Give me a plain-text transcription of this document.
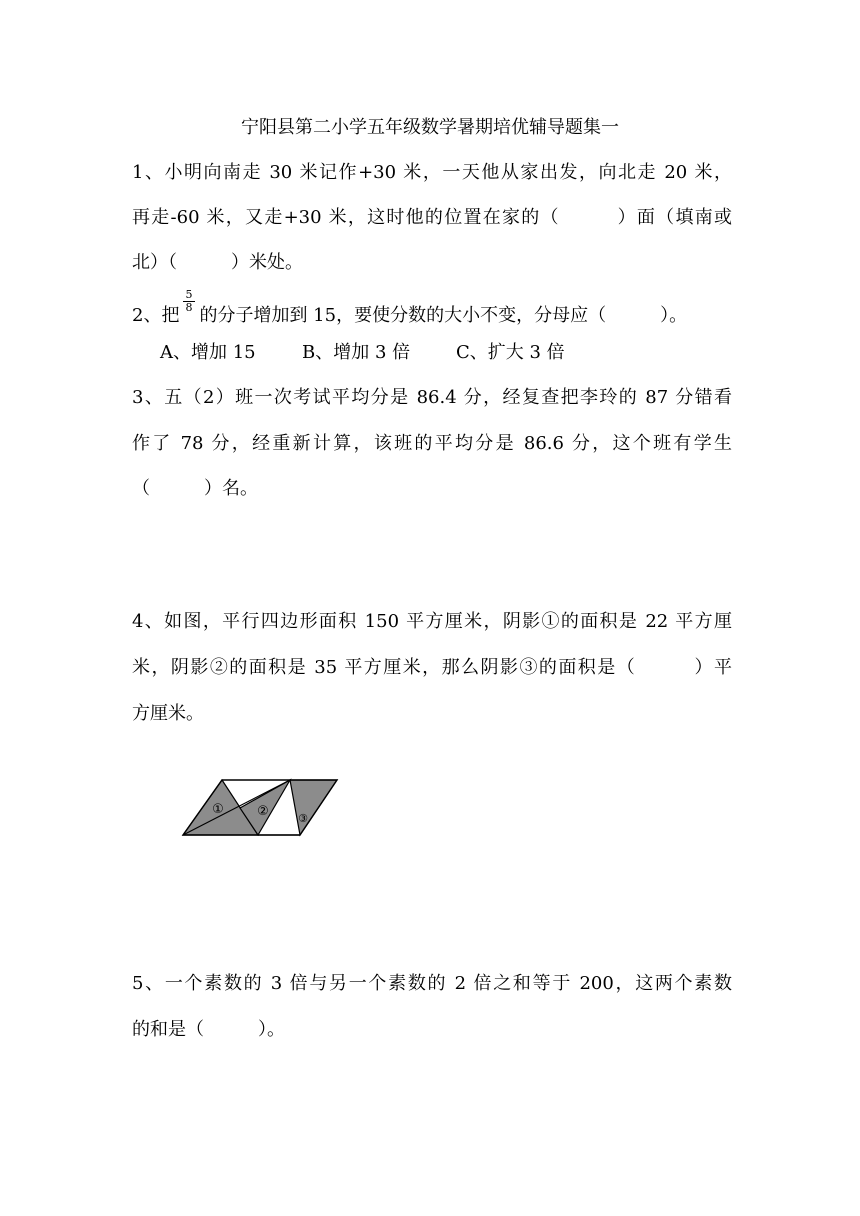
宁阳县第二小学五年级数学暑期培优辅导题集一
1、小明向南走 30 米记作+30 米，一天他从家出发，向北走 20 米，
再走-60 米，又走+30 米，这时他的位置在家的（　　　）面（填南或
北）（　　　）米处。
2、把 的分子增加到 15，要使分数的大小不变，分母应（　　　）。
$\frac{5}{8}$
A、增加 15	B、增加 3 倍	C、扩大 3 倍
3、五（2）班一次考试平均分是 86.4 分，经复查把李玲的 87 分错看
作了 78 分，经重新计算，该班的平均分是 86.6 分，这个班有学生
（　　　）名。
4、如图，平行四边形面积 150 平方厘米，阴影①的面积是 22 平方厘
米，阴影②的面积是 35 平方厘米，那么阴影③的面积是（　　　）平
方厘米。
①	②	③
5、一个素数的 3 倍与另一个素数的 2 倍之和等于 200，这两个素数
的和是（　　　）。
